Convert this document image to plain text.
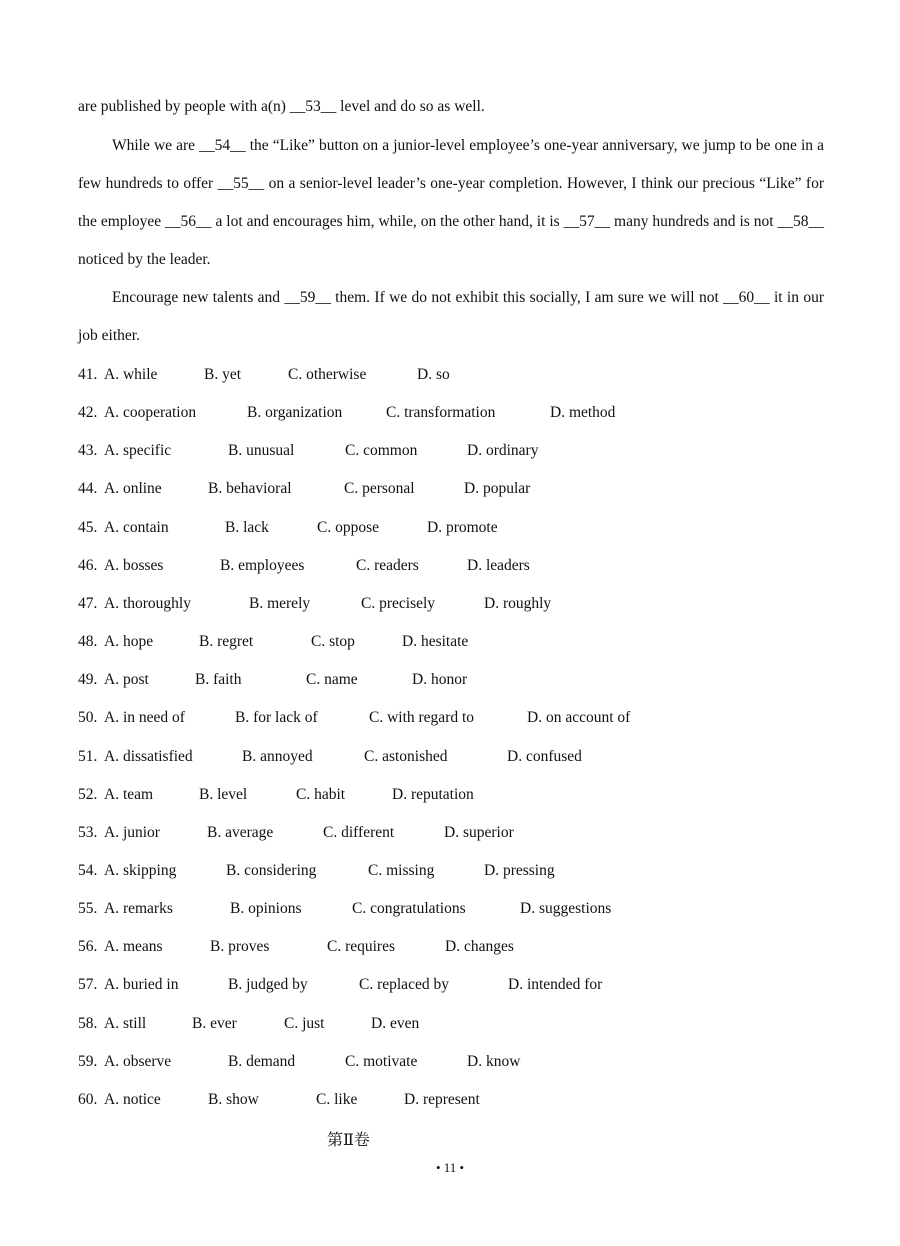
are published by people with a(n) __53__ level and do so as well.
While we are __54__ the “Like” button on a junior-level employee’s one-year anniversary, we jump to be one in a few hundreds to offer __55__ on a senior-level leader’s one-year completion. However, I think our precious “Like” for the employee __56__ a lot and encourages him, while, on the other hand, it is __57__ many hundreds and is not __58__ noticed by the leader.
Encourage new talents and __59__ them. If we do not exhibit this socially, I am sure we will not __60__ it in our job either.
41. A. while	B. yet	C. otherwise	D. so
42. A. cooperation	B. organization	C. transformation	D. method
43. A. specific	B. unusual	C. common	D. ordinary
44. A. online	B. behavioral	C. personal	D. popular
45. A. contain	B. lack	C. oppose	D. promote
46. A. bosses	B. employees	C. readers	D. leaders
47. A. thoroughly	B. merely	C. precisely	D. roughly
48. A. hope	B. regret	C. stop	D. hesitate
49. A. post	B. faith	C. name	D. honor
50. A. in need of	B. for lack of	C. with regard to	D. on account of
51. A. dissatisfied	B. annoyed	C. astonished	D. confused
52. A. team	B. level	C. habit	D. reputation
53. A. junior	B. average	C. different	D. superior
54. A. skipping	B. considering	C. missing	D. pressing
55. A. remarks	B. opinions	C. congratulations	D. suggestions
56. A. means	B. proves	C. requires	D. changes
57. A. buried in	B. judged by	C. replaced by	D. intended for
58. A. still	B. ever	C. just	D. even
59. A. observe	B. demand	C. motivate	D. know
60. A. notice	B. show	C. like	D. represent
第Ⅱ卷
• 11 •
